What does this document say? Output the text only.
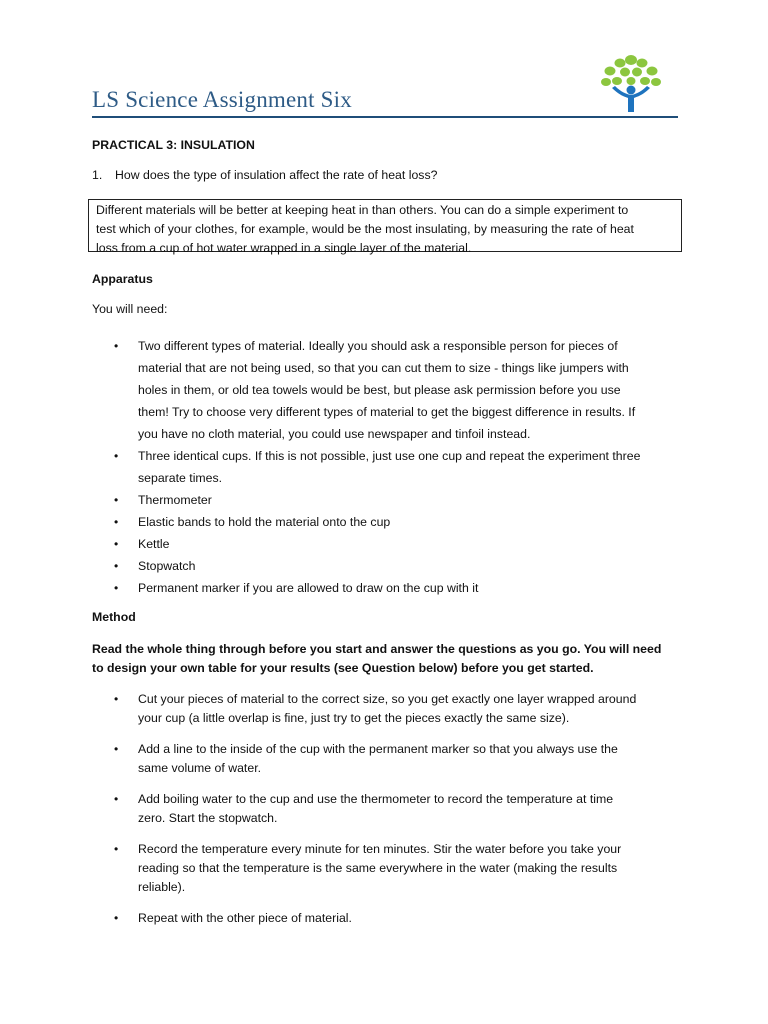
LS Science Assignment Six
PRACTICAL 3: INSULATION
1. How does the type of insulation affect the rate of heat loss?
Different materials will be better at keeping heat in than others. You can do a simple experiment to
test which of your clothes, for example, would be the most insulating, by measuring the rate of heat
loss from a cup of hot water wrapped in a single layer of the material.
Apparatus
You will need:
• Two different types of material. Ideally you should ask a responsible person for pieces of
material that are not being used, so that you can cut them to size - things like jumpers with
holes in them, or old tea towels would be best, but please ask permission before you use
them! Try to choose very different types of material to get the biggest difference in results. If
you have no cloth material, you could use newspaper and tinfoil instead.
• Three identical cups. If this is not possible, just use one cup and repeat the experiment three
separate times.
• Thermometer
• Elastic bands to hold the material onto the cup
• Kettle
• Stopwatch
• Permanent marker if you are allowed to draw on the cup with it
Method
Read the whole thing through before you start and answer the questions as you go. You will need
to design your own table for your results (see Question below) before you get started.
• Cut your pieces of material to the correct size, so you get exactly one layer wrapped around
your cup (a little overlap is fine, just try to get the pieces exactly the same size).
• Add a line to the inside of the cup with the permanent marker so that you always use the
same volume of water.
• Add boiling water to the cup and use the thermometer to record the temperature at time
zero. Start the stopwatch.
• Record the temperature every minute for ten minutes. Stir the water before you take your
reading so that the temperature is the same everywhere in the water (making the results
reliable).
• Repeat with the other piece of material.
